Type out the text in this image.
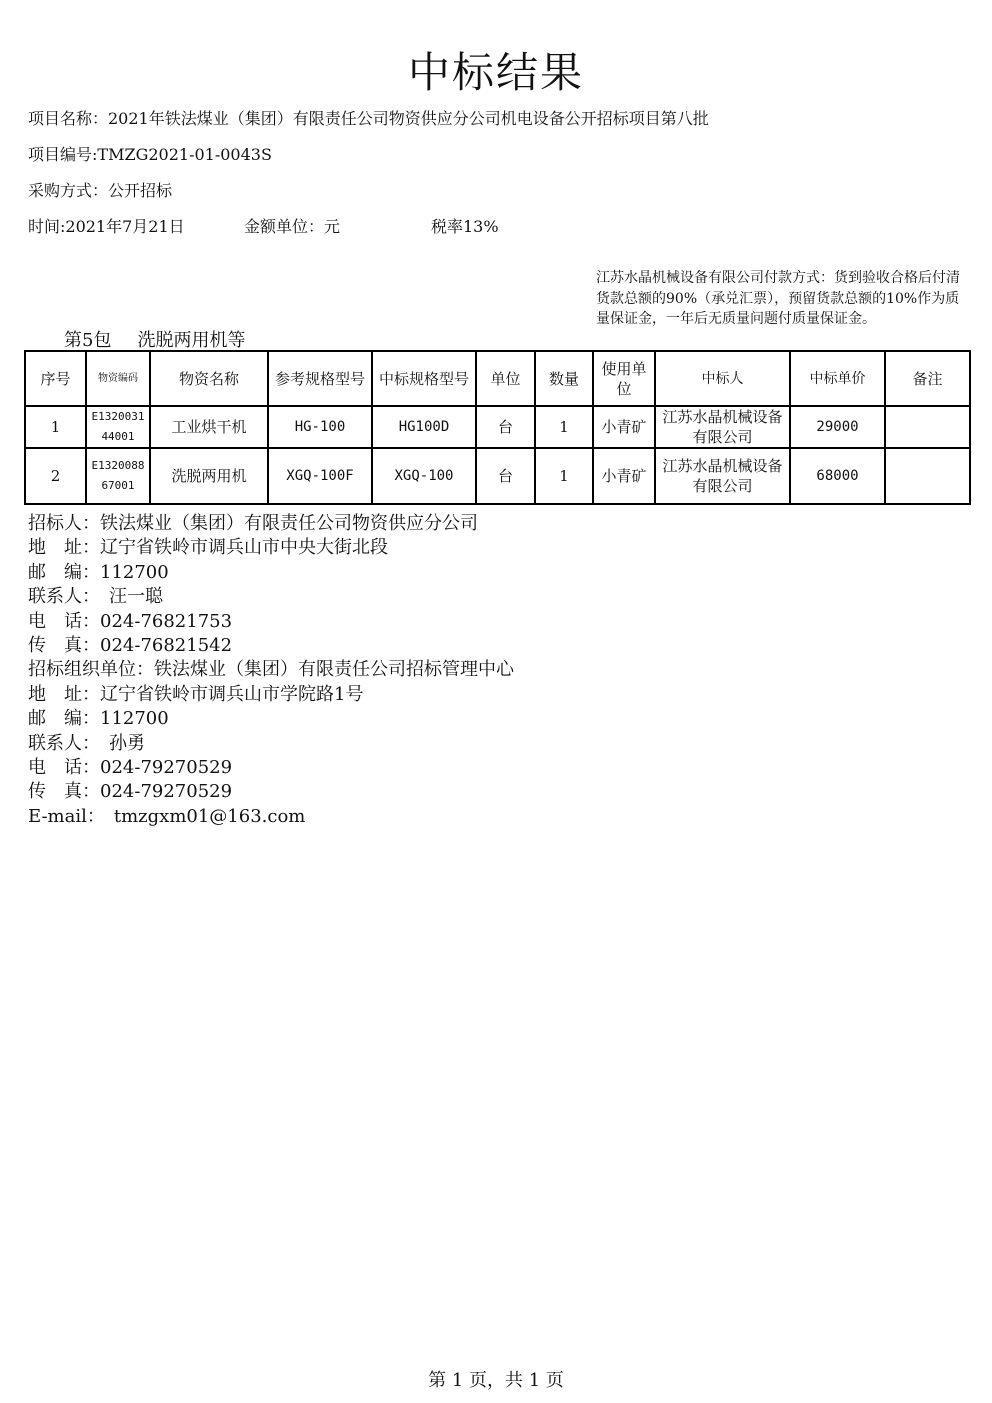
中标结果
项目名称：2021年铁法煤业（集团）有限责任公司物资供应分公司机电设备公开招标项目第八批
项目编号:TMZG2021-01-0043S
采购方式：公开招标
时间:2021年7月21日	金额单位：元	税率13%
江苏水晶机械设备有限公司付款方式：货到验收合格后付清货款总额的90%（承兑汇票），预留货款总额的10%作为质量保证金，一年后无质量问题付质量保证金。
第5包 洗脱两用机等
序号	物资编码	物资名称	参考规格型号	中标规格型号	单位	数量	使用单位	中标人	中标单价	备注
1	E132003144001	工业烘干机	HG-100	HG100D	台	1	小青矿	江苏水晶机械设备有限公司	29000	
2	E132008867001	洗脱两用机	XGQ-100F	XGQ-100	台	1	小青矿	江苏水晶机械设备有限公司	68000	
招标人：铁法煤业（集团）有限责任公司物资供应分公司
地　址：辽宁省铁岭市调兵山市中央大街北段
邮　编：112700
联系人：　汪一聪
电　话：024-76821753
传　真：024-76821542
招标组织单位：铁法煤业（集团）有限责任公司招标管理中心
地　址：辽宁省铁岭市调兵山市学院路1号
邮　编：112700
联系人：　孙勇
电　话：024-79270529
传　真：024-79270529
E-mail：　tmzgxm01@163.com
第 1 页，共 1 页
